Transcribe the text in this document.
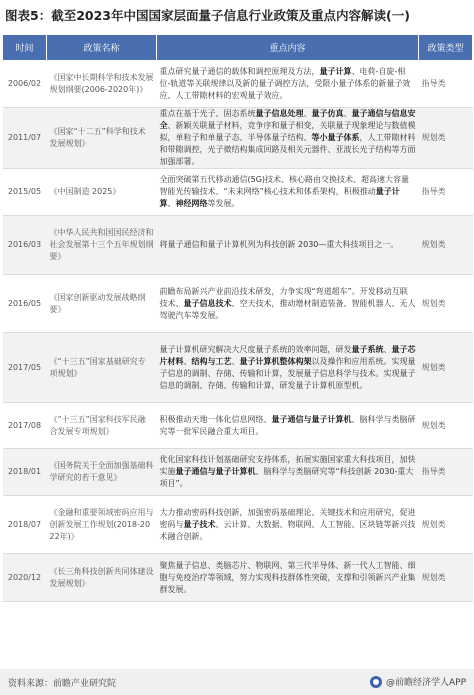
图表5：截至2023年中国国家层面量子信息行业政策及重点内容解读(一)
时间	政策名称	重点内容	政策类型
2006/02	《国家中长期科学和技术发展规划纲要(2006-2020年)》	重点研究量子通信的载体和调控原理及方法，量子计算、电荷-自旋-相位-轨道等关联规律以及新的量子调控方法，受限小量子体系的新量子效应、人工带隙材料的宏观量子效应。	指导类
2011/07	《国家“十二五”科学和技术发展规划》	重点在基于光子、固态系统量子信息处理、量子仿真、量子通信与信息安全、新颖关联量子材料，竞争序和量子相变，关联量子现象理论与数值模拟，单粒子和单量子态、半导体量子结构、等小量子体系，人工带隙材料和带隙调控，光子微结构集成回路及相关元器件、亚波长光子结构等方面加强部署。	规划类
2015/05	《中国制造 2025》	全面突破第五代移动通信(5G)技术、核心路由交换技术、超高速大容量智能光传输技术、“未来网络”核心技术和体系架构，积极推动量子计算、神经网络等发展。	指导类
2016/03	《中华人民共和国国民经济和社会发展第十三个五年规划纲要》	将量子通信和量子计算机列为科技创新 2030—重大科技项目之一。	规划类
2016/05	《国家创新驱动发展战略纲要》	前瞻布局新兴产业前沿技术研发，力争实现“弯道超车”。开发移动互联技术、量子信息技术、空天技术，推动增材制造装备、智能机器人、无人驾驶汽车等发展。	规划类
2017/05	《“十三五”国家基础研究专项规划》	量子计算机研究解决大尺度量子系统的效率问题，研发量子系统、量子芯片材料、结构与工艺、量子计算机整体构架以及操作和应用系统。实现量子信息的调制、存储、传输和计算，发展量子信息科学与技术。实现量子信息的调制、存储、传输和计算，研发量子计算机原型机。	规划类
2017/08	《“十三五”国家科技军民融合发展专项规划》	积极推动天地一体化信息网络、量子通信与量子计算机、脑科学与类脑研究等一批军民融合重大项目。	规划类
2018/01	《国务院关于全面加强基础科学研究的若干意见》	优化国家科技计划基础研究支持体系，拓展实施国家重大科技项目，加快实施量子通信与量子计算机、脑科学与类脑研究等“科技创新 2030-重大项目”。	指导类
2018/07	《金融和重要领域密码应用与创新发展工作规划(2018-2022年)》	大力推动密码科技创新，加强密码基础理论、关键技术和应用研究，促进密码与量子技术、云计算、大数据、物联网、人工智能、区块链等新兴技术融合创新。	规划类
2020/12	《长三角科技创新共同体建设发展规划》	聚焦量子信息、类脑芯片、物联网、第三代半导体、新一代人工智能、细胞与免疫治疗等领域，努力实现科技群体性突破，支撑和引领新兴产业集群发展。	规划类
资料来源：前瞻产业研究院	@前瞻经济学人APP
